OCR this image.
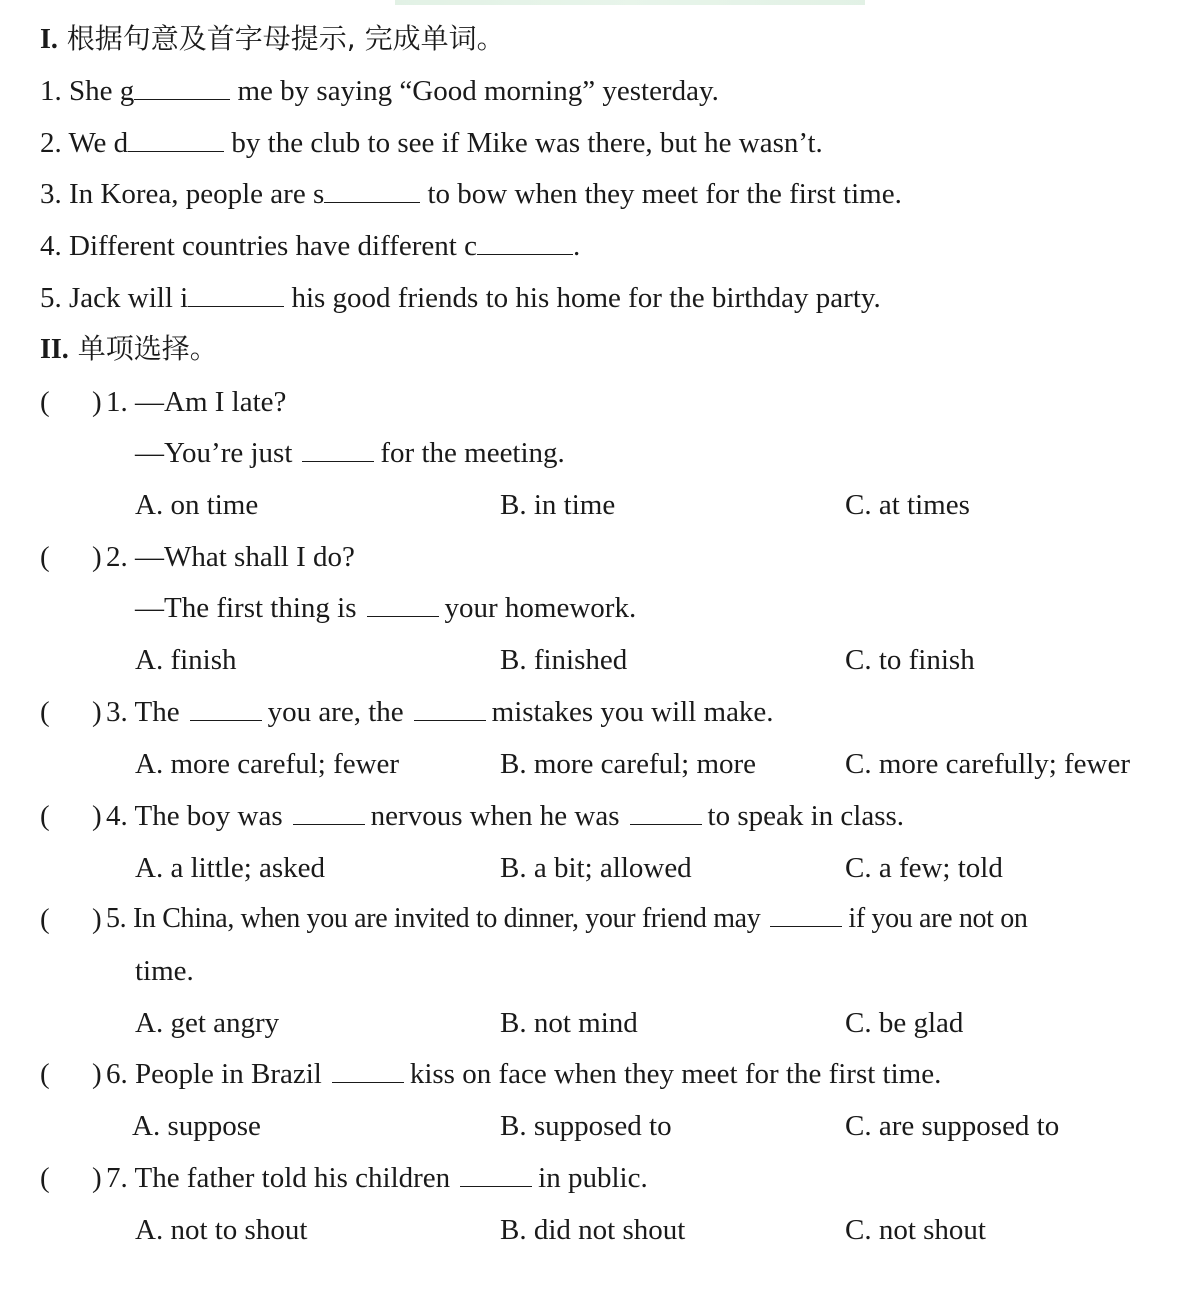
I. 根据句意及首字母提示, 完成单词。
1. She g	me by saying “Good morning” yesterday.
2. We d	by the club to see if Mike was there, but he wasn’t.
3. In Korea, people are s	to bow when they meet for the first time.
4. Different countries have different c	.
5. Jack will i	his good friends to his home for the birthday party.
II. 单项选择。
( ) 1. —Am I late?
—You’re just	for the meeting.
A. on time	B. in time	C. at times
( ) 2. —What shall I do?
—The first thing is	your homework.
A. finish	B. finished	C. to finish
( ) 3. The	you are, the	mistakes you will make.
A. more careful; fewer	B. more careful; more	C. more carefully; fewer
( ) 4. The boy was	nervous when he was	to speak in class.
A. a little; asked	B. a bit; allowed	C. a few; told
( ) 5. In China, when you are invited to dinner, your friend may	if you are not on
time.
A. get angry	B. not mind	C. be glad
( ) 6. People in Brazil	kiss on face when they meet for the first time.
A. suppose	B. supposed to	C. are supposed to
( ) 7. The father told his children	in public.
A. not to shout	B. did not shout	C. not shout
